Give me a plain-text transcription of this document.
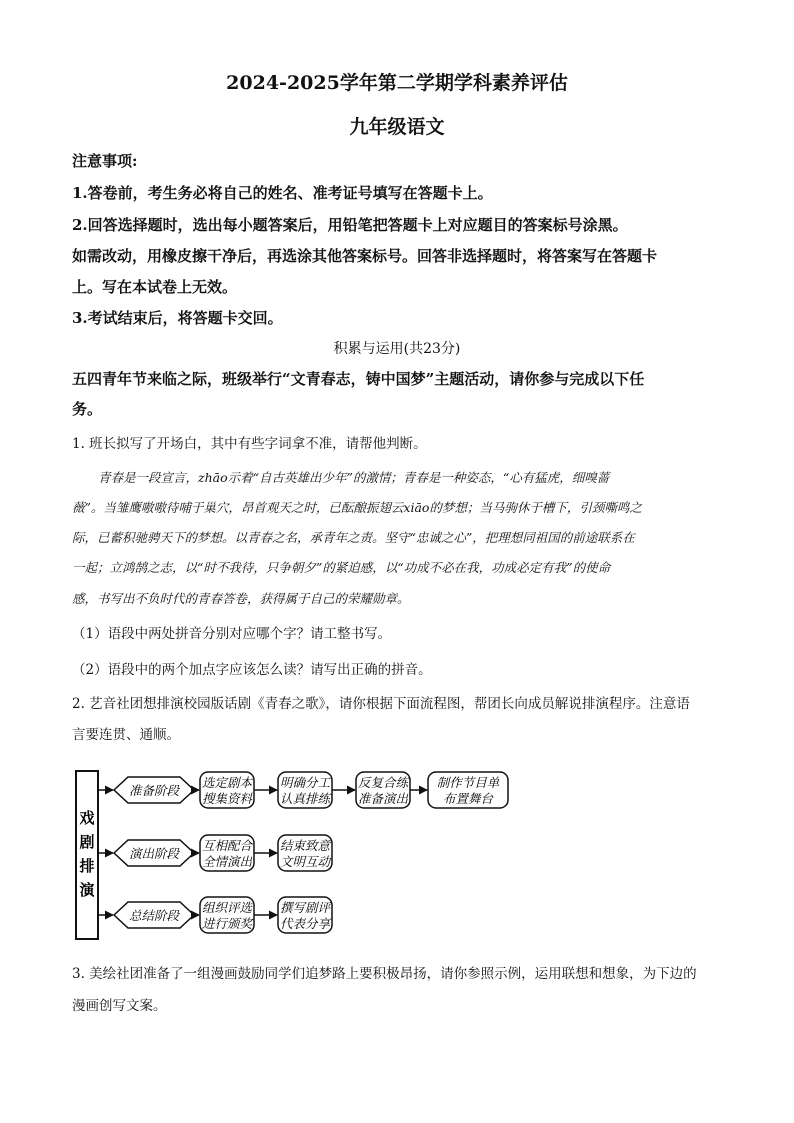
2024-2025学年第二学期学科素养评估
九年级语文
注意事项:
1.答卷前，考生务必将自己的姓名、准考证号填写在答题卡上。
2.回答选择题时，选出每小题答案后，用铅笔把答题卡上对应题目的答案标号涂黑。
如需改动，用橡皮擦干净后，再选涂其他答案标号。回答非选择题时，将答案写在答题卡
上。写在本试卷上无效。
3.考试结束后，将答题卡交回。
积累与运用(共23分)
五四青年节来临之际，班级举行“文青春志，铸中国梦”主题活动，请你参与完成以下任
务。
1. 班长拟写了开场白，其中有些字词拿不准，请帮他判断。
青春是一段宣言，zhāo示着“自古英雄出少年”的激情；青春是一种姿态，“心有猛虎，细嗅蔷
薇”。当雏鹰嗷嗷待哺于巢穴，昂首观天之时，已酝酿振翅云xiāo的梦想；当马驹休于槽下，引颈嘶鸣之
际，已蓄积驰骋天下的梦想。以青春之名，承青年之责。坚守“忠诚之心”，把理想同祖国的前途联系在
一起；立鸿鹄之志，以“时不我待，只争朝夕”的紧迫感，以“功成不必在我，功成必定有我”的使命
感，书写出不负时代的青春答卷，获得属于自己的荣耀勋章。
（1）语段中两处拼音分别对应哪个字？请工整书写。
（2）语段中的两个加点字应该怎么读？请写出正确的拼音。
2. 艺音社团想排演校园版话剧《青春之歌》，请你根据下面流程图，帮团长向成员解说排演程序。注意语
言要连贯、通顺。
戏
剧
排
演
准备阶段
选定剧本
搜集资料
明确分工
认真排练
反复合练
准备演出
制作节目单
布置舞台
演出阶段
互相配合
全情演出
结束致意
文明互动
总结阶段
组织评选
进行颁奖
撰写剧评
代表分享
3. 美绘社团准备了一组漫画鼓励同学们追梦路上要积极昂扬，请你参照示例，运用联想和想象，为下边的
漫画创写文案。
